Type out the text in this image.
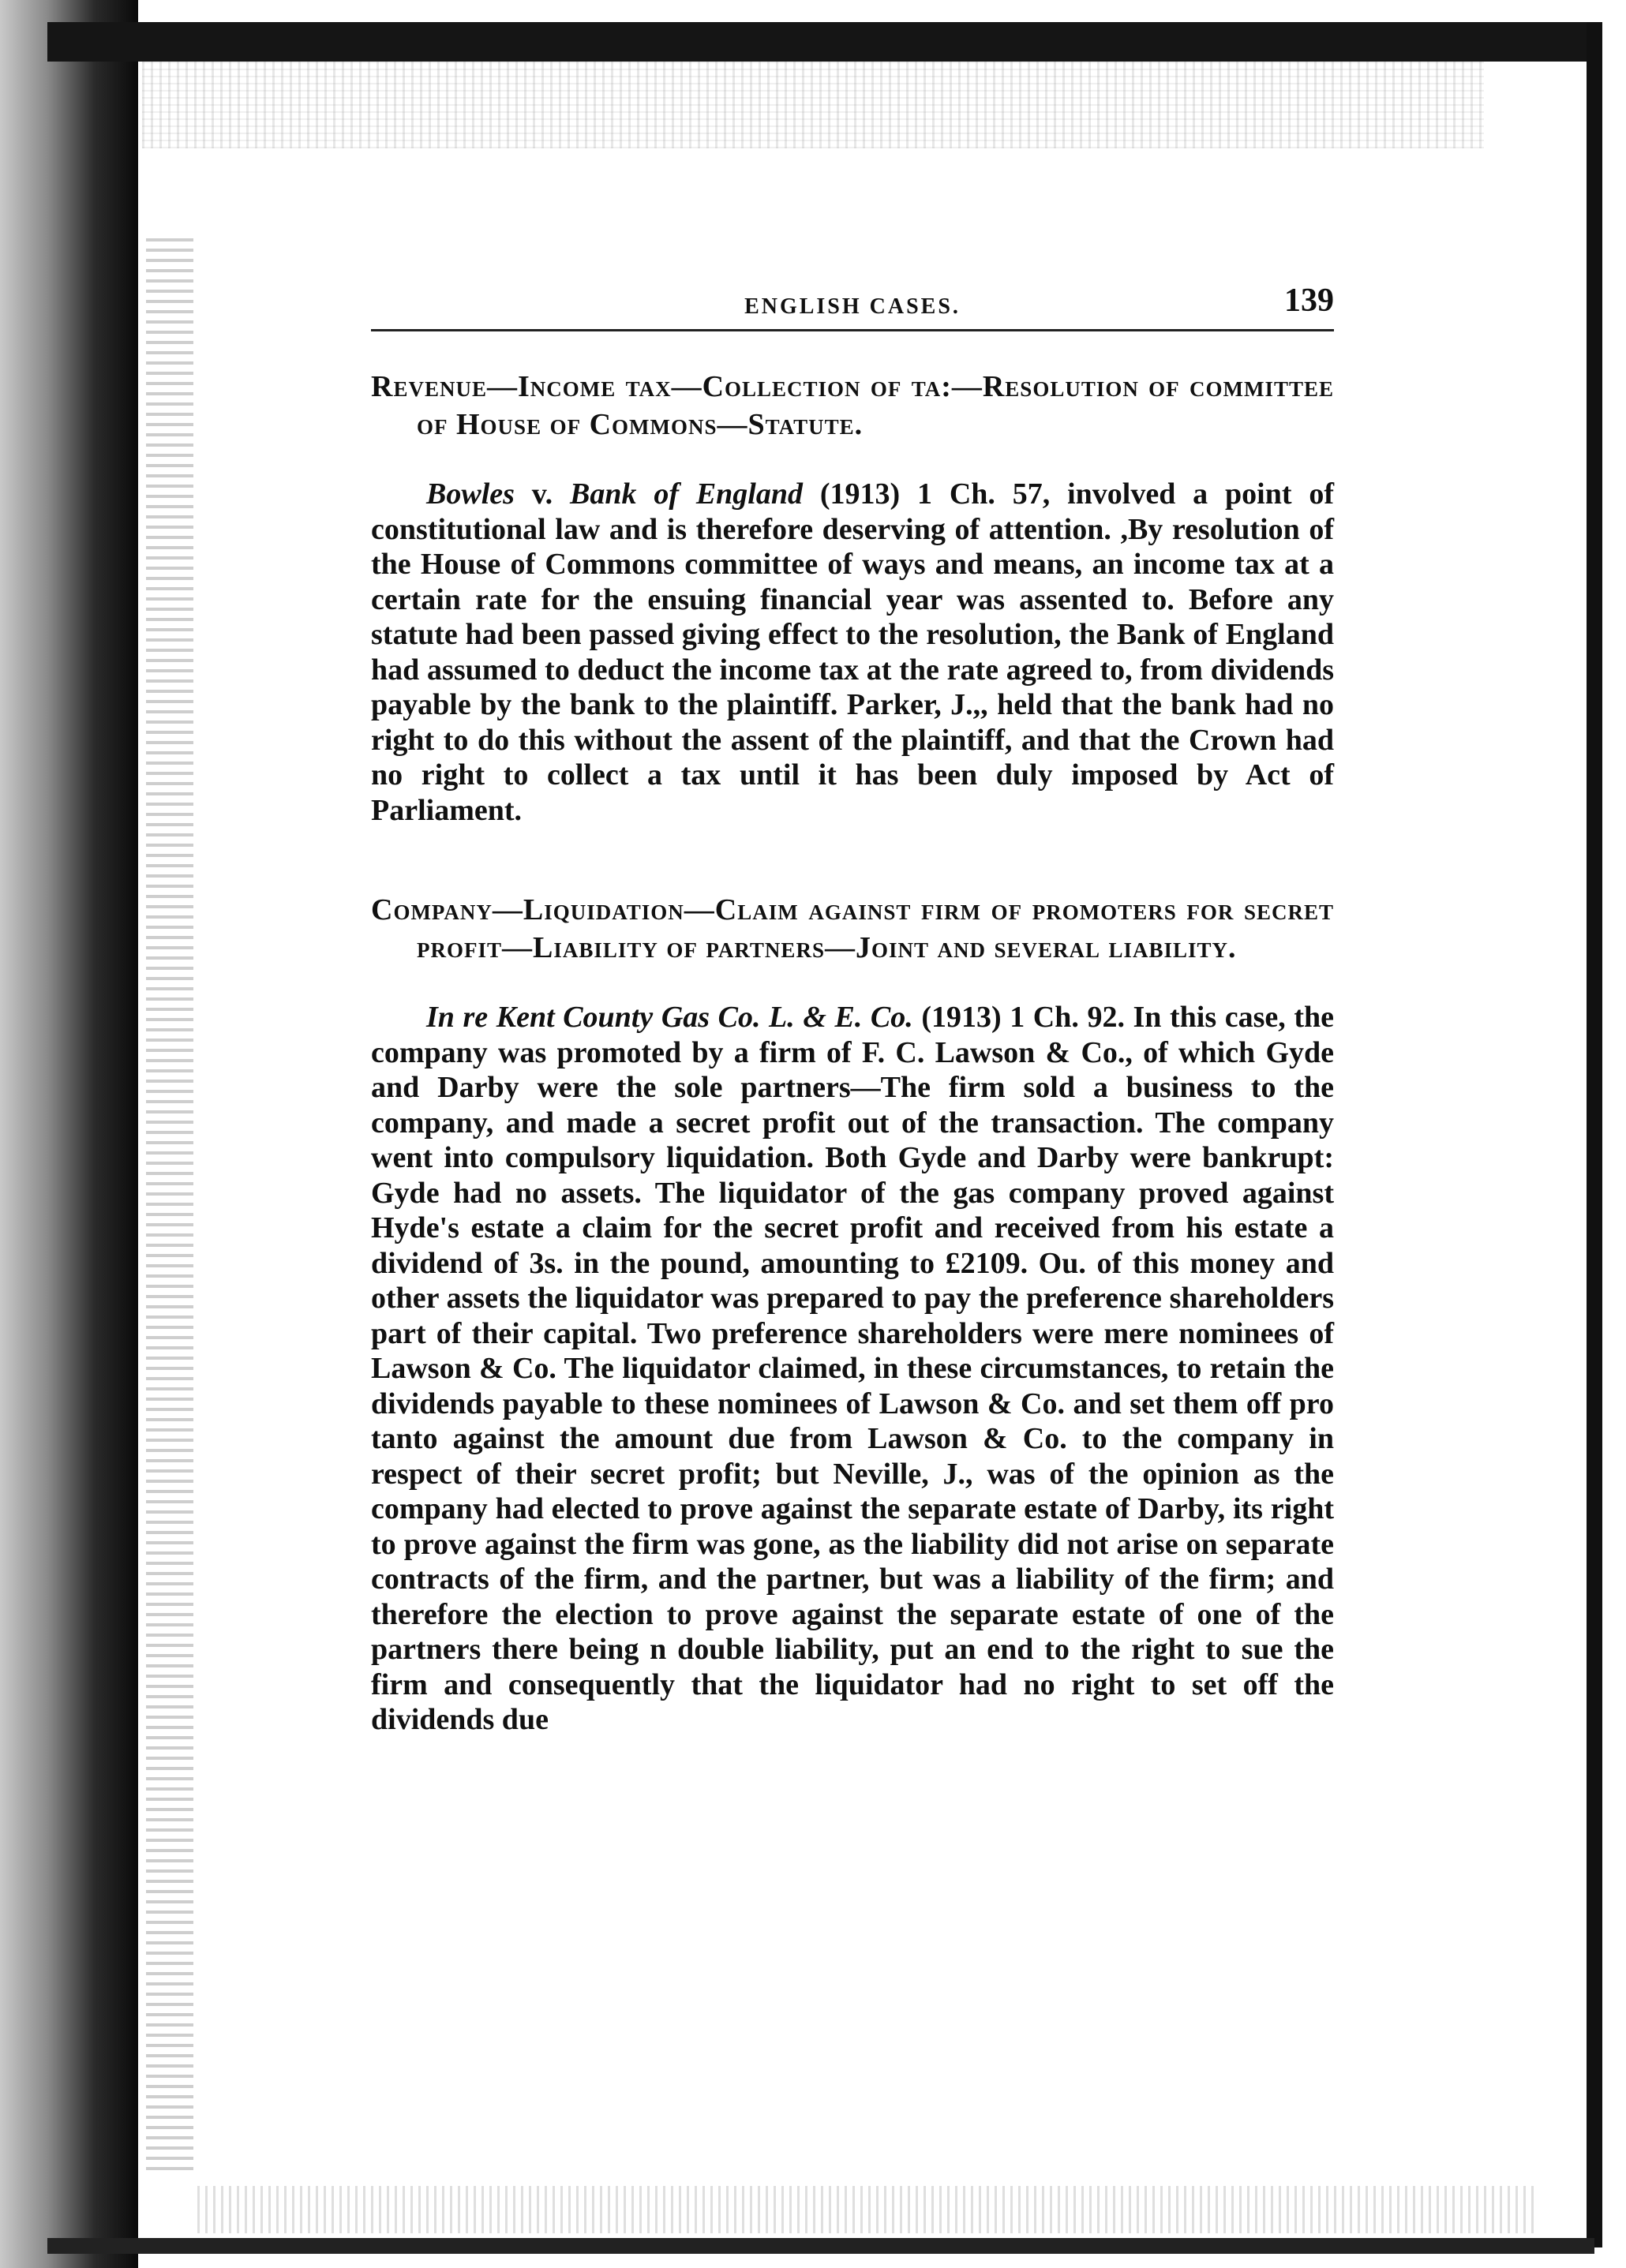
ENGLISH CASES.	139

Revenue—Income tax—Collection of ta:—Resolution of committee of House of Commons—Statute.

Bowles v. Bank of England (1913) 1 Ch. 57, involved a point of constitutional law and is therefore deserving of attention. ,By resolution of the House of Commons committee of ways and means, an income tax at a certain rate for the ensuing financial year was assented to. Before any statute had been passed giving effect to the resolution, the Bank of England had assumed to deduct the income tax at the rate agreed to, from dividends payable by the bank to the plaintiff. Parker, J.,, held that the bank had no right to do this without the assent of the plaintiff, and that the Crown had no right to collect a tax until it has been duly imposed by Act of Parliament.

Company—Liquidation—Claim against firm of promoters for secret profit—Liability of partners—Joint and several liability.

In re Kent County Gas Co. L. & E. Co. (1913) 1 Ch. 92. In this case, the company was promoted by a firm of F. C. Lawson & Co., of which Gyde and Darby were the sole partners—The firm sold a business to the company, and made a secret profit out of the transaction. The company went into compulsory liquidation. Both Gyde and Darby were bankrupt: Gyde had no assets. The liquidator of the gas company proved against Hyde's estate a claim for the secret profit and received from his estate a dividend of 3s. in the pound, amounting to £2109. Ou. of this money and other assets the liquidator was prepared to pay the preference shareholders part of their capital. Two preference shareholders were mere nominees of Lawson & Co. The liquidator claimed, in these circumstances, to retain the dividends payable to these nominees of Lawson & Co. and set them off pro tanto against the amount due from Lawson & Co. to the company in respect of their secret profit; but Neville, J., was of the opinion as the company had elected to prove against the separate estate of Darby, its right to prove against the firm was gone, as the liability did not arise on separate contracts of the firm, and the partner, but was a liability of the firm; and therefore the election to prove against the separate estate of one of the partners there being n double liability, put an end to the right to sue the firm and consequently that the liquidator had no right to set off the dividends due
